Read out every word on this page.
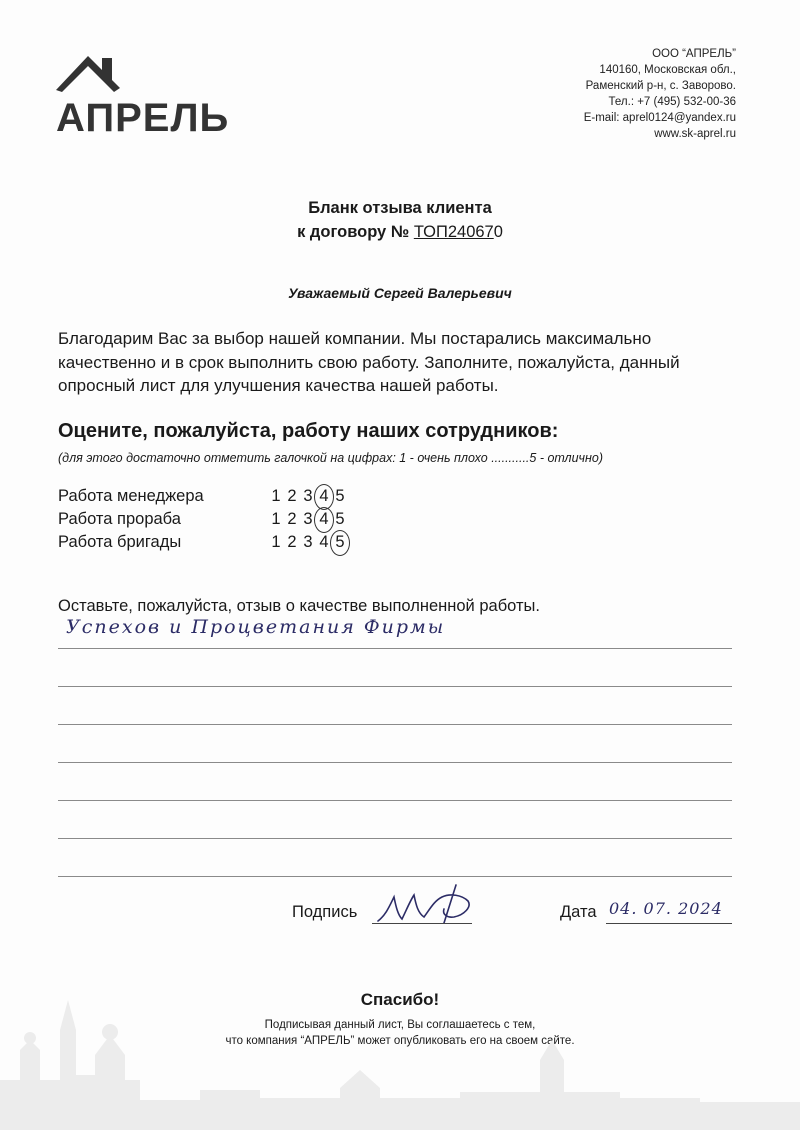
АПРЕЛЬ
ООО “АПРЕЛЬ”
140160, Московская обл.,
Раменский р-н, с. Заворово.
Тел.: +7 (495) 532-00-36
E-mail: aprel0124@yandex.ru
www.sk-aprel.ru
Бланк отзыва клиента
к договору № ТОП240670
Уважаемый Сергей Валерьевич
Благодарим Вас за выбор нашей компании. Мы постарались максимально качественно и в срок выполнить свою работу. Заполните, пожалуйста, данный опросный лист для улучшения качества нашей работы.
Оцените, пожалуйста, работу наших сотрудников:
(для этого достаточно отметить галочкой на цифрах: 1 - очень плохо ...........5 - отлично)
Работа менеджера	1 2 3 4 5
Работа прораба	1 2 3 4 5
Работа бригады	1 2 3 4 5
Оставьте, пожалуйста, отзыв о качестве выполненной работы.
Успехов и Процветания Фирмы
Подпись	Дата 04. 07. 2024
Спасибо!
Подписывая данный лист, Вы соглашаетесь с тем,
что компания “АПРЕЛЬ” может опубликовать его на своем сайте.
